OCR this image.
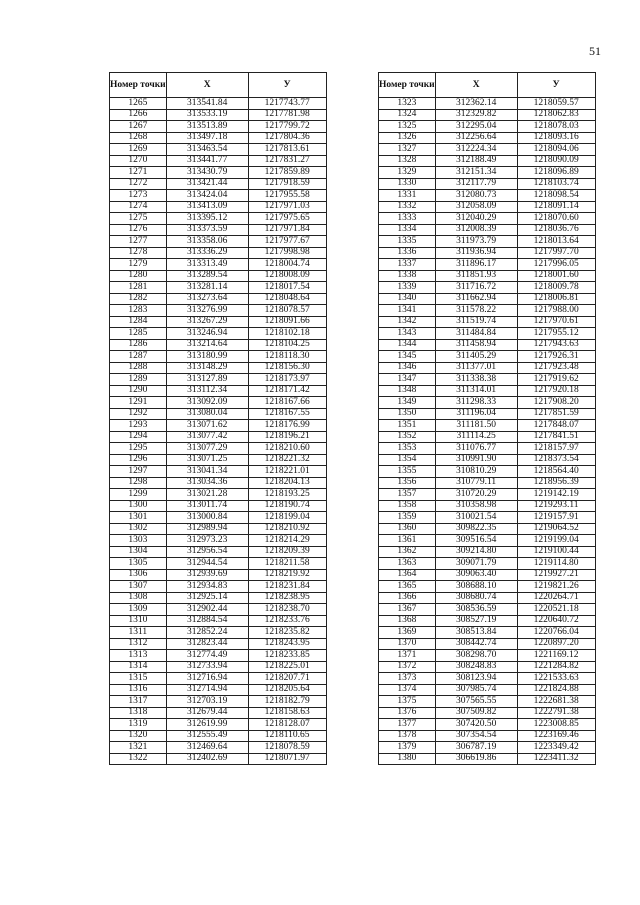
51
Номер точки	X	У
1265	313541.84	1217743.77
1266	313533.19	1217781.98
1267	313513.89	1217799.72
1268	313497.18	1217804.36
1269	313463.54	1217813.61
1270	313441.77	1217831.27
1271	313430.79	1217859.89
1272	313421.44	1217918.59
1273	313424.04	1217955.58
1274	313413.09	1217971.03
1275	313395.12	1217975.65
1276	313373.59	1217971.84
1277	313358.06	1217977.67
1278	313336.29	1217998.98
1279	313313.49	1218004.74
1280	313289.54	1218008.09
1281	313281.14	1218017.54
1282	313273.64	1218048.64
1283	313276.99	1218078.57
1284	313267.29	1218091.66
1285	313246.94	1218102.18
1286	313214.64	1218104.25
1287	313180.99	1218118.30
1288	313148.29	1218156.30
1289	313127.89	1218173.97
1290	313112.34	1218171.42
1291	313092.09	1218167.66
1292	313080.04	1218167.55
1293	313071.62	1218176.99
1294	313077.42	1218196.21
1295	313077.29	1218210.60
1296	313071.25	1218221.32
1297	313041.34	1218221.01
1298	313034.36	1218204.13
1299	313021.28	1218193.25
1300	313011.74	1218190.74
1301	313000.84	1218199.04
1302	312989.94	1218210.92
1303	312973.23	1218214.29
1304	312956.54	1218209.39
1305	312944.54	1218211.58
1306	312939.69	1218219.92
1307	312934.83	1218231.84
1308	312925.14	1218238.95
1309	312902.44	1218238.70
1310	312884.54	1218233.76
1311	312852.24	1218235.82
1312	312823.44	1218243.95
1313	312774.49	1218233.85
1314	312733.94	1218225.01
1315	312716.94	1218207.71
1316	312714.94	1218205.64
1317	312703.19	1218182.79
1318	312679.44	1218158.63
1319	312619.99	1218128.07
1320	312555.49	1218110.65
1321	312469.64	1218078.59
1322	312402.69	1218071.97
Номер точки	X	У
1323	312362.14	1218059.57
1324	312329.82	1218062.83
1325	312295.04	1218078.03
1326	312256.64	1218093.16
1327	312224.34	1218094.06
1328	312188.49	1218090.09
1329	312151.34	1218096.89
1330	312117.79	1218103.74
1331	312080.73	1218098.54
1332	312058.09	1218091.14
1333	312040.29	1218070.60
1334	312008.39	1218036.76
1335	311973.79	1218013.64
1336	311936.94	1217997.70
1337	311896.17	1217996.05
1338	311851.93	1218001.60
1339	311716.72	1218009.78
1340	311662.94	1218006.81
1341	311578.22	1217988.00
1342	311519.74	1217970.61
1343	311484.84	1217955.12
1344	311458.94	1217943.63
1345	311405.29	1217926.31
1346	311377.01	1217923.48
1347	311338.38	1217919.62
1348	311314.01	1217920.18
1349	311298.33	1217908.20
1350	311196.04	1217851.59
1351	311181.50	1217848.07
1352	311114.25	1217841.51
1353	311076.77	1218157.97
1354	310991.90	1218373.54
1355	310810.29	1218564.40
1356	310779.11	1218956.39
1357	310720.29	1219142.19
1358	310358.98	1219293.11
1359	310021.54	1219157.91
1360	309822.35	1219064.52
1361	309516.54	1219199.04
1362	309214.80	1219100.44
1363	309071.79	1219114.80
1364	309063.40	1219927.21
1365	308688.10	1219821.26
1366	308680.74	1220264.71
1367	308536.59	1220521.18
1368	308527.19	1220640.72
1369	308513.84	1220766.04
1370	308442.74	1220897.20
1371	308298.70	1221169.12
1372	308248.83	1221284.82
1373	308123.94	1221533.63
1374	307985.74	1221824.88
1375	307565.55	1222681.38
1376	307509.82	1222791.38
1377	307420.50	1223008.85
1378	307354.54	1223169.46
1379	306787.19	1223349.42
1380	306619.86	1223411.32
